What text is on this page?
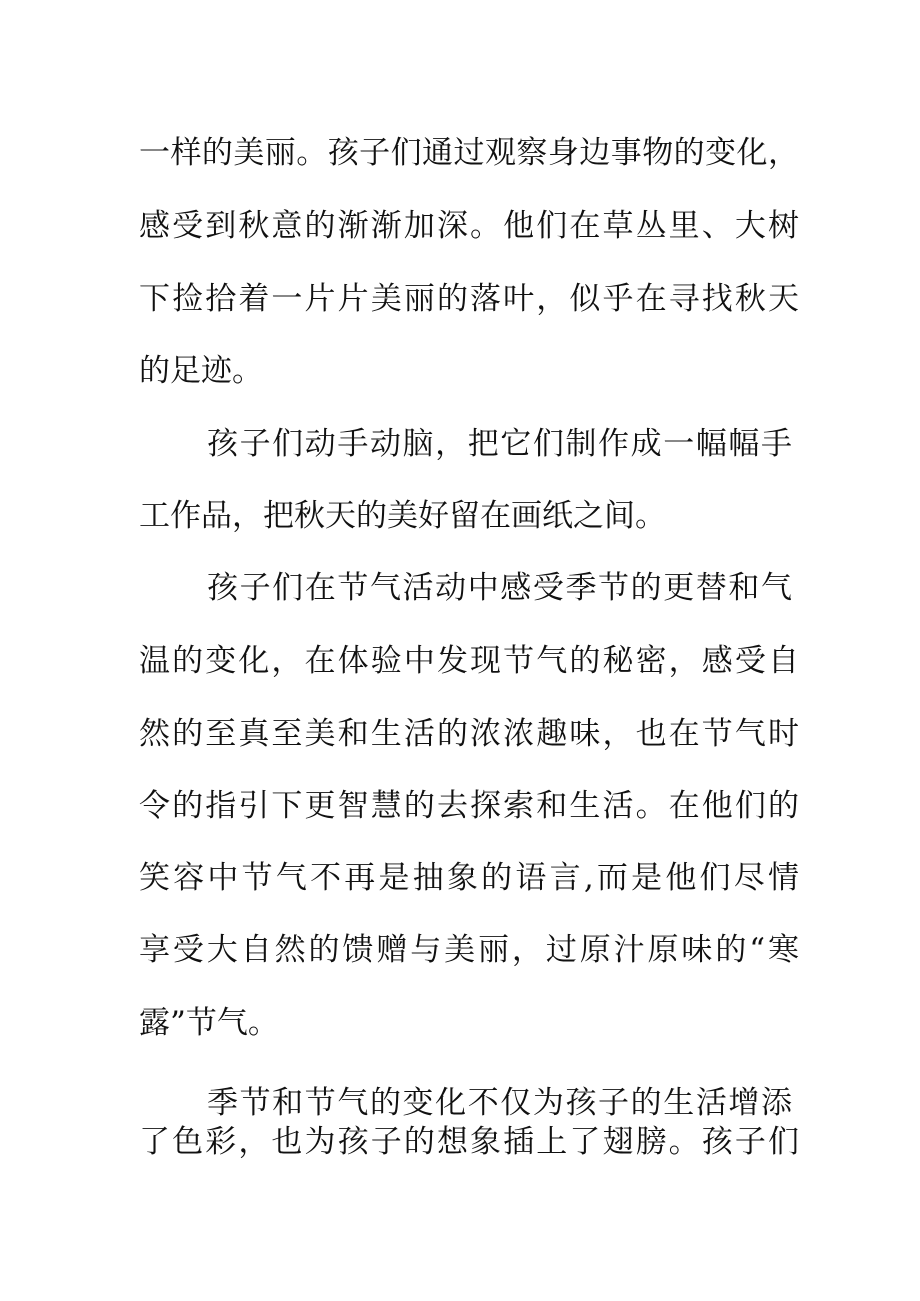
一样的美丽。孩子们通过观察身边事物的变化，
感受到秋意的渐渐加深。他们在草丛里、大树
下捡拾着一片片美丽的落叶，似乎在寻找秋天
的足迹。
孩子们动手动脑，把它们制作成一幅幅手
工作品，把秋天的美好留在画纸之间。
孩子们在节气活动中感受季节的更替和气
温的变化，在体验中发现节气的秘密，感受自
然的至真至美和生活的浓浓趣味，也在节气时
令的指引下更智慧的去探索和生活。在他们的
笑容中节气不再是抽象的语言,而是他们尽情
享受大自然的馈赠与美丽，过原汁原味的“寒
露”节气。
季节和节气的变化不仅为孩子的生活增添
了色彩，也为孩子的想象插上了翅膀。孩子们
